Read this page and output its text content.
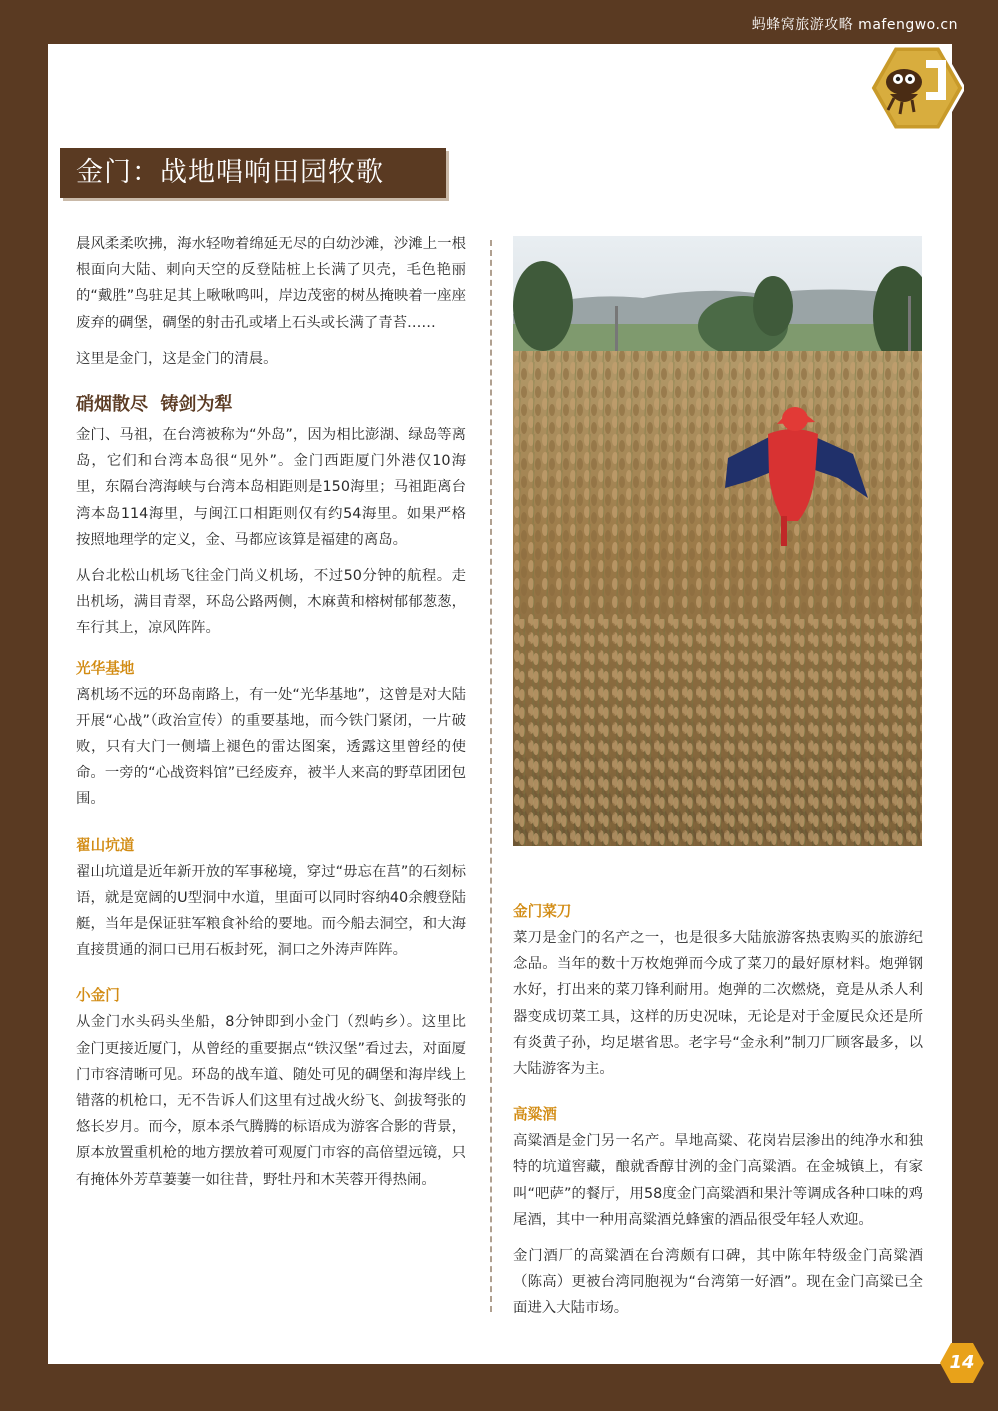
蚂蜂窝旅游攻略 mafengwo.cn
金门：战地唱响田园牧歌

晨风柔柔吹拂，海水轻吻着绵延无尽的白幼沙滩，沙滩上一根根面向大陆、刺向天空的反登陆桩上长满了贝壳，毛色艳丽的“戴胜”鸟驻足其上啾啾鸣叫，岸边茂密的树丛掩映着一座座废弃的碉堡，碉堡的射击孔或堵上石头或长满了青苔……

这里是金门，这是金门的清晨。

硝烟散尽  铸剑为犁

金门、马祖，在台湾被称为“外岛”，因为相比澎湖、绿岛等离岛，它们和台湾本岛很“见外”。金门西距厦门外港仅10海里，东隔台湾海峡与台湾本岛相距则是150海里；马祖距离台湾本岛114海里，与闽江口相距则仅有约54海里。如果严格按照地理学的定义，金、马都应该算是福建的离岛。

从台北松山机场飞往金门尚义机场，不过50分钟的航程。走出机场，满目青翠，环岛公路两侧，木麻黄和榕树郁郁葱葱，车行其上，凉风阵阵。

光华基地

离机场不远的环岛南路上，有一处“光华基地”，这曾是对大陆开展“心战”（政治宣传）的重要基地，而今铁门紧闭，一片破败，只有大门一侧墙上褪色的雷达图案，透露这里曾经的使命。一旁的“心战资料馆”已经废弃，被半人来高的野草团团包围。

翟山坑道

翟山坑道是近年新开放的军事秘境，穿过“毋忘在莒”的石刻标语，就是宽阔的U型洞中水道，里面可以同时容纳40余艘登陆艇，当年是保证驻军粮食补给的要地。而今船去洞空，和大海直接贯通的洞口已用石板封死，洞口之外涛声阵阵。

小金门

从金门水头码头坐船，8分钟即到小金门（烈屿乡）。这里比金门更接近厦门，从曾经的重要据点“铁汉堡”看过去，对面厦门市容清晰可见。环岛的战车道、随处可见的碉堡和海岸线上错落的机枪口，无不告诉人们这里有过战火纷飞、剑拔弩张的悠长岁月。而今，原本杀气腾腾的标语成为游客合影的背景，原本放置重机枪的地方摆放着可观厦门市容的高倍望远镜，只有掩体外芳草萋萋一如往昔，野牡丹和木芙蓉开得热闹。

金门菜刀

菜刀是金门的名产之一，也是很多大陆旅游客热衷购买的旅游纪念品。当年的数十万枚炮弹而今成了菜刀的最好原材料。炮弹钢水好，打出来的菜刀锋利耐用。炮弹的二次燃烧，竟是从杀人利器变成切菜工具，这样的历史况味，无论是对于金厦民众还是所有炎黄子孙，均足堪省思。老字号“金永利”制刀厂顾客最多，以大陆游客为主。

高粱酒

高粱酒是金门另一名产。旱地高粱、花岗岩层渗出的纯净水和独特的坑道窖藏，酿就香醇甘洌的金门高粱酒。在金城镇上，有家叫“吧萨”的餐厅，用58度金门高粱酒和果汁等调成各种口味的鸡尾酒，其中一种用高粱酒兑蜂蜜的酒品很受年轻人欢迎。

金门酒厂的高粱酒在台湾颇有口碑，其中陈年特级金门高粱酒（陈高）更被台湾同胞视为“台湾第一好酒”。现在金门高粱已全面进入大陆市场。

14
